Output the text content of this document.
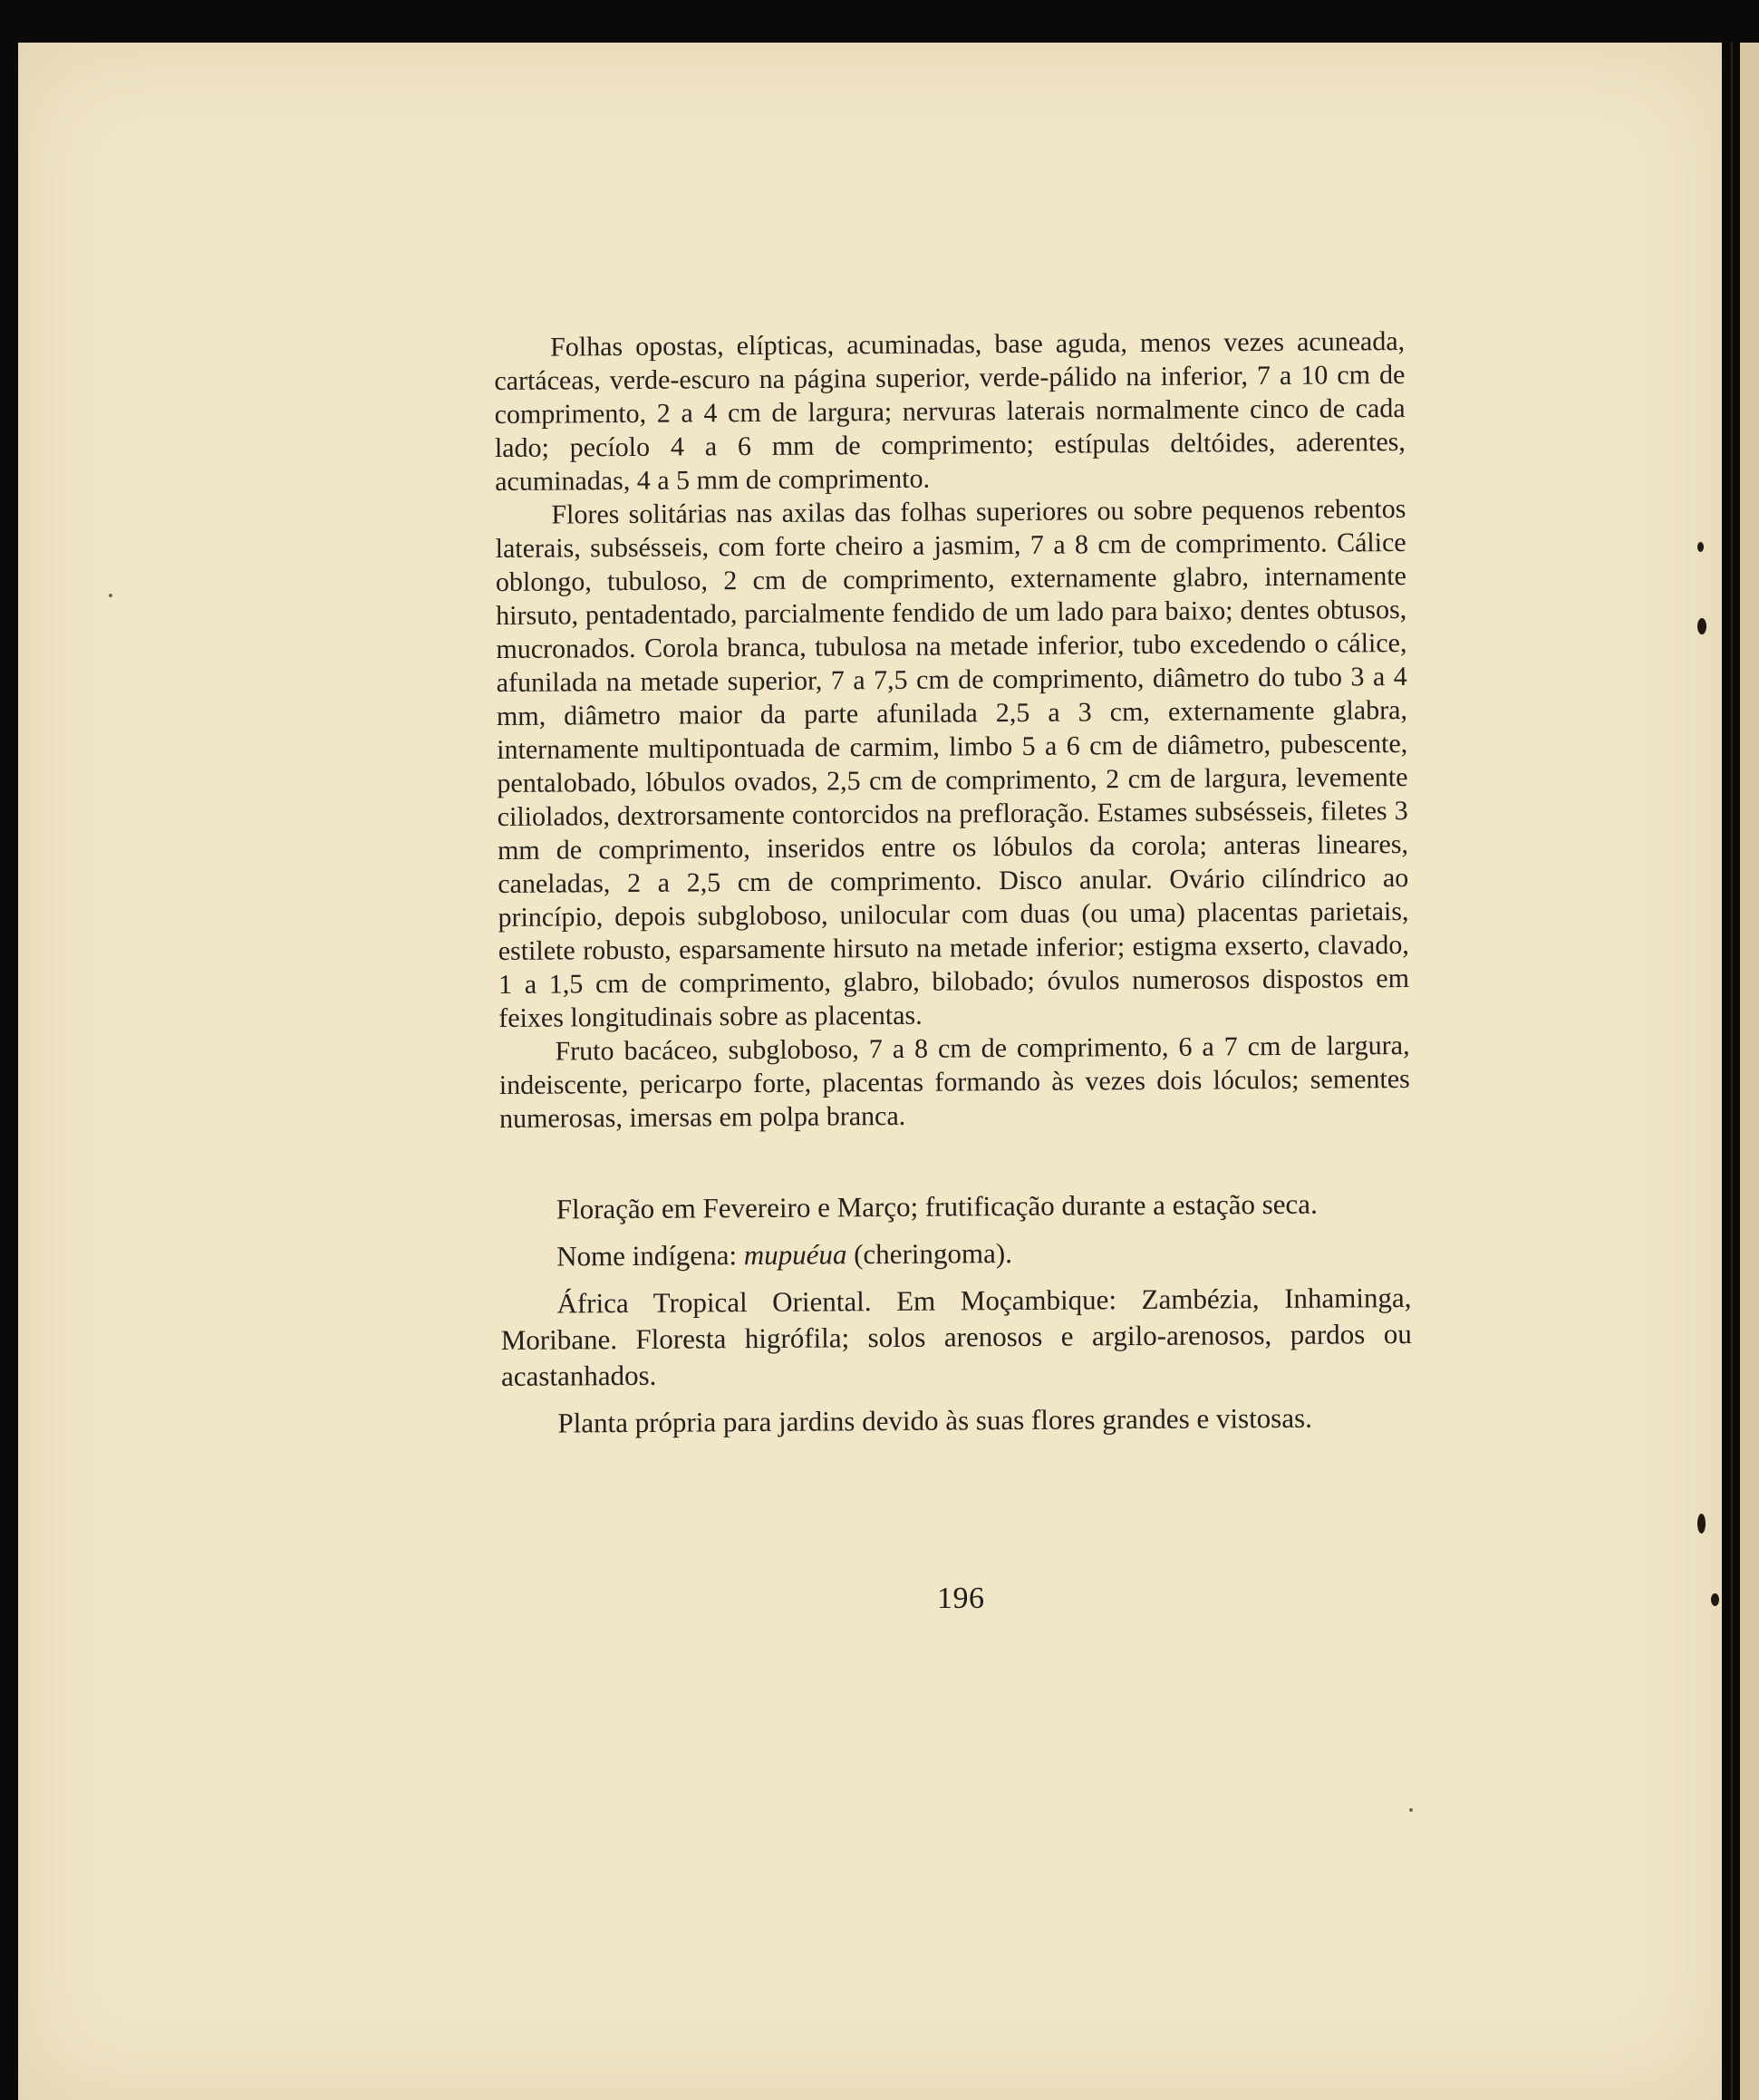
Folhas opostas, elípticas, acuminadas, base aguda, menos vezes acuneada, cartáceas, verde-escuro na página superior, verde-pálido na inferior, 7 a 10 cm de comprimento, 2 a 4 cm de largura; nervuras laterais normalmente cinco de cada lado; pecíolo 4 a 6 mm de comprimento; estípulas deltóides, aderentes, acuminadas, 4 a 5 mm de comprimento.

Flores solitárias nas axilas das folhas superiores ou sobre pequenos rebentos laterais, subsésseis, com forte cheiro a jasmim, 7 a 8 cm de comprimento. Cálice oblongo, tubuloso, 2 cm de comprimento, externamente glabro, internamente hirsuto, pentadentado, parcialmente fendido de um lado para baixo; dentes obtusos, mucronados. Corola branca, tubulosa na metade inferior, tubo excedendo o cálice, afunilada na metade superior, 7 a 7,5 cm de comprimento, diâmetro do tubo 3 a 4 mm, diâmetro maior da parte afunilada 2,5 a 3 cm, externamente glabra, internamente multipontuada de carmim, limbo 5 a 6 cm de diâmetro, pubescente, pentalobado, lóbulos ovados, 2,5 cm de comprimento, 2 cm de largura, levemente ciliolados, dextrorsamente contorcidos na prefloração. Estames subsésseis, filetes 3 mm de comprimento, inseridos entre os lóbulos da corola; anteras lineares, caneladas, 2 a 2,5 cm de comprimento. Disco anular. Ovário cilíndrico ao princípio, depois subgloboso, unilocular com duas (ou uma) placentas parietais, estilete robusto, esparsamente hirsuto na metade inferior; estigma exserto, clavado, 1 a 1,5 cm de comprimento, glabro, bilobado; óvulos numerosos dispostos em feixes longitudinais sobre as placentas.

Fruto bacáceo, subgloboso, 7 a 8 cm de comprimento, 6 a 7 cm de largura, indeiscente, pericarpo forte, placentas formando às vezes dois lóculos; sementes numerosas, imersas em polpa branca.

Floração em Fevereiro e Março; frutificação durante a estação seca.

Nome indígena: mupuéua (cheringoma).

África Tropical Oriental. Em Moçambique: Zambézia, Inhaminga, Moribane. Floresta higrófila; solos arenosos e argilo-arenosos, pardos ou acastanhados.

Planta própria para jardins devido às suas flores grandes e vistosas.

196
